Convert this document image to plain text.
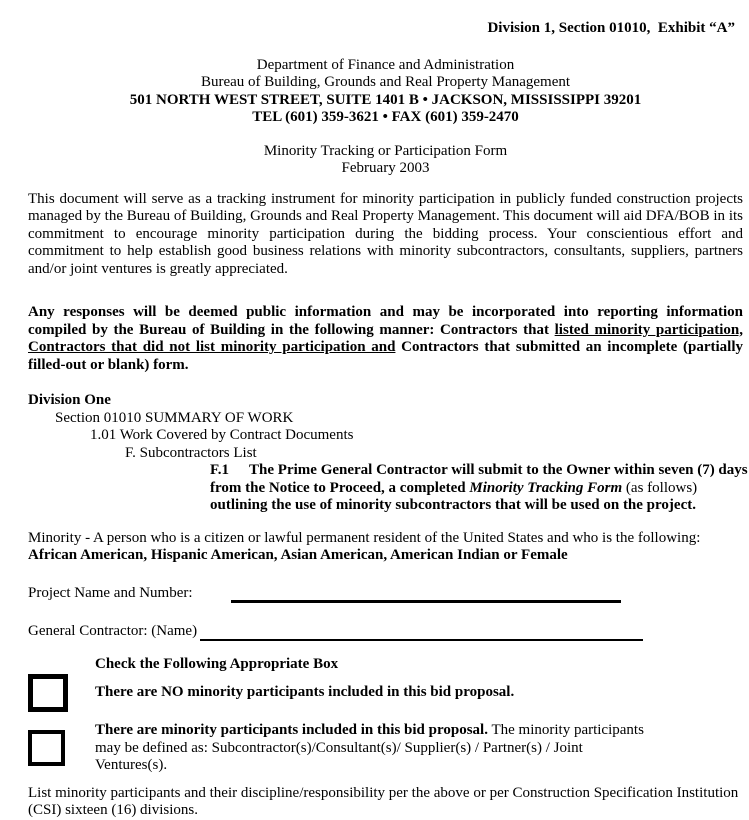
Division 1, Section 01010,  Exhibit “A”
Department of Finance and Administration
Bureau of Building, Grounds and Real Property Management
501 NORTH WEST STREET, SUITE 1401 B • JACKSON, MISSISSIPPI 39201
TEL (601) 359-3621 • FAX (601) 359-2470
Minority Tracking or Participation Form
February 2003

This document will serve as a tracking instrument for minority participation in publicly funded construction projects managed by the Bureau of Building, Grounds and Real Property Management. This document will aid DFA/BOB in its commitment to encourage minority participation during the bidding process. Your conscientious effort and commitment to help establish good business relations with minority subcontractors, consultants, suppliers, partners and/or joint ventures is greatly appreciated.

Any responses will be deemed public information and may be incorporated into reporting information compiled by the Bureau of Building in the following manner: Contractors that listed minority participation, Contractors that did not list minority participation and Contractors that submitted an incomplete (partially filled-out or blank) form.

Division One
Section 01010 SUMMARY OF WORK
1.01 Work Covered by Contract Documents
F. Subcontractors List
F.1 The Prime General Contractor will submit to the Owner within seven (7) days from the Notice to Proceed, a completed Minority Tracking Form (as follows) outlining the use of minority subcontractors that will be used on the project.
Minority - A person who is a citizen or lawful permanent resident of the United States and who is the following:
African American, Hispanic American, Asian American, American Indian or Female
Project Name and Number:
General Contractor: (Name)
Check the Following Appropriate Box
There are NO minority participants included in this bid proposal.
There are minority participants included in this bid proposal. The minority participants may be defined as: Subcontractor(s)/Consultant(s)/ Supplier(s) / Partner(s) / Joint Ventures(s).

List minority participants and their discipline/responsibility per the above or per Construction Specification Institution (CSI) sixteen (16) divisions.
